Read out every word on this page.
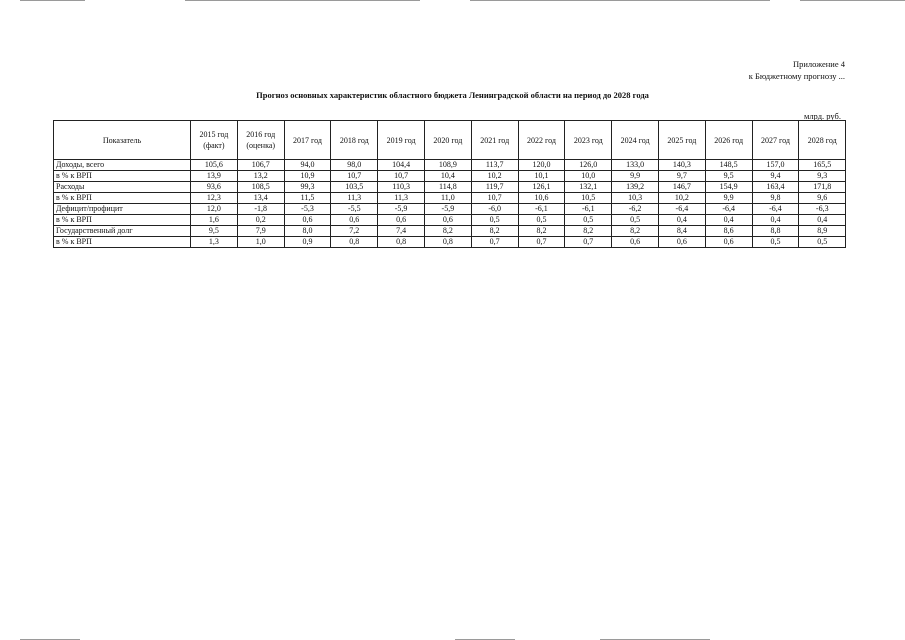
Приложение 4
к Бюджетному прогнозу ...
Прогноз основных характеристик областного бюджета Ленинградской области на период до 2028 года
млрд. руб.
Показатель	2015 год (факт)	2016 год (оценка)	2017 год	2018 год	2019 год	2020 год	2021 год	2022 год	2023 год	2024 год	2025 год	2026 год	2027 год	2028 год
Доходы, всего	105,6	106,7	94,0	98,0	104,4	108,9	113,7	120,0	126,0	133,0	140,3	148,5	157,0	165,5
в % к ВРП	13,9	13,2	10,9	10,7	10,7	10,4	10,2	10,1	10,0	9,9	9,7	9,5	9,4	9,3
Расходы	93,6	108,5	99,3	103,5	110,3	114,8	119,7	126,1	132,1	139,2	146,7	154,9	163,4	171,8
в % к ВРП	12,3	13,4	11,5	11,3	11,3	11,0	10,7	10,6	10,5	10,3	10,2	9,9	9,8	9,6
Дефицит/профицит	12,0	-1,8	-5,3	-5,5	-5,9	-5,9	-6,0	-6,1	-6,1	-6,2	-6,4	-6,4	-6,4	-6,3
в % к ВРП	1,6	0,2	0,6	0,6	0,6	0,6	0,5	0,5	0,5	0,5	0,4	0,4	0,4	0,4
Государственный долг	9,5	7,9	8,0	7,2	7,4	8,2	8,2	8,2	8,2	8,2	8,4	8,6	8,8	8,9
в % к ВРП	1,3	1,0	0,9	0,8	0,8	0,8	0,7	0,7	0,7	0,6	0,6	0,6	0,5	0,5
